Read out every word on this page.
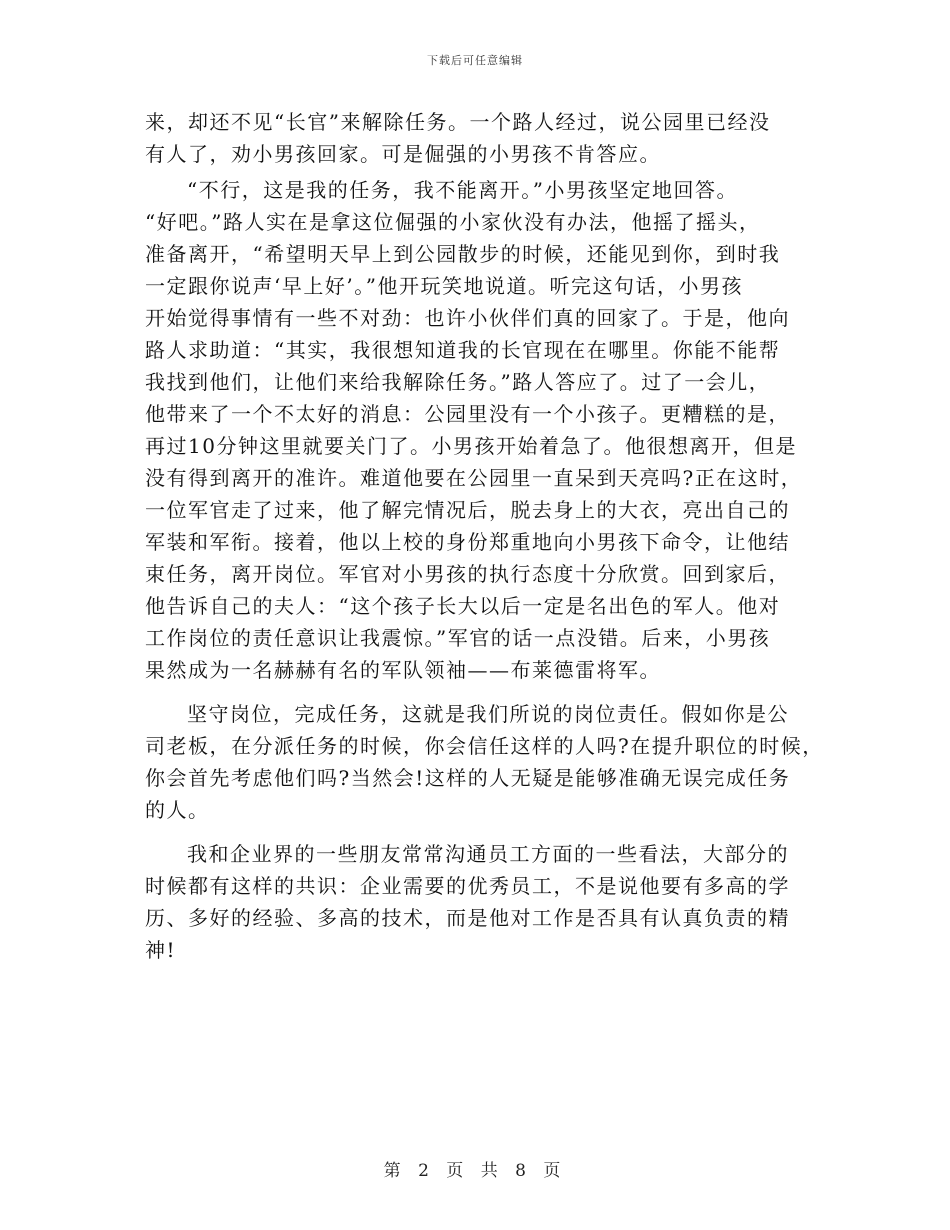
下载后可任意编辑
来，却还不见“长官”来解除任务。一个路人经过，说公园里已经没
有人了，劝小男孩回家。可是倔强的小男孩不肯答应。
“不行，这是我的任务，我不能离开。”小男孩坚定地回答。
“好吧。”路人实在是拿这位倔强的小家伙没有办法，他摇了摇头，
准备离开，“希望明天早上到公园散步的时候，还能见到你，到时我
一定跟你说声‘早上好’。”他开玩笑地说道。听完这句话，小男孩
开始觉得事情有一些不对劲：也许小伙伴们真的回家了。于是，他向
路人求助道：“其实，我很想知道我的长官现在在哪里。你能不能帮
我找到他们，让他们来给我解除任务。”路人答应了。过了一会儿，
他带来了一个不太好的消息：公园里没有一个小孩子。更糟糕的是，
再过10分钟这里就要关门了。小男孩开始着急了。他很想离开，但是
没有得到离开的准许。难道他要在公园里一直呆到天亮吗?正在这时，
一位军官走了过来，他了解完情况后，脱去身上的大衣，亮出自己的
军装和军衔。接着，他以上校的身份郑重地向小男孩下命令，让他结
束任务，离开岗位。军官对小男孩的执行态度十分欣赏。回到家后，
他告诉自己的夫人：“这个孩子长大以后一定是名出色的军人。他对
工作岗位的责任意识让我震惊。”军官的话一点没错。后来，小男孩
果然成为一名赫赫有名的军队领袖——布莱德雷将军。
坚守岗位，完成任务，这就是我们所说的岗位责任。假如你是公
司老板，在分派任务的时候，你会信任这样的人吗?在提升职位的时候，
你会首先考虑他们吗?当然会!这样的人无疑是能够准确无误完成任务
的人。
我和企业界的一些朋友常常沟通员工方面的一些看法，大部分的
时候都有这样的共识：企业需要的优秀员工，不是说他要有多高的学
历、多好的经验、多高的技术，而是他对工作是否具有认真负责的精
神!
第 2 页 共 8 页
